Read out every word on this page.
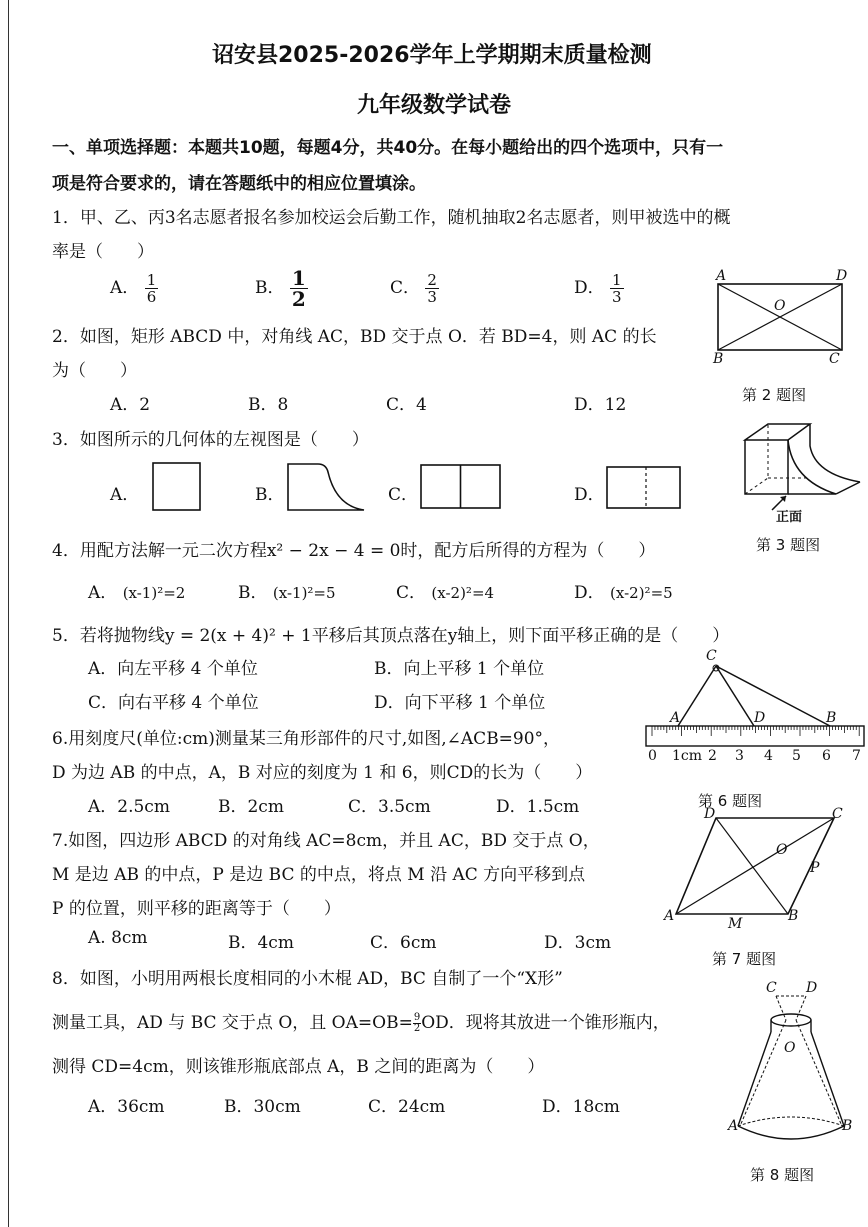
诏安县2025-2026学年上学期期末质量检测
九年级数学试卷
一、单项选择题：本题共10题，每题4分，共40分。在每小题给出的四个选项中，只有一
项是符合要求的，请在答题纸中的相应位置填涂。
1．甲、乙、丙3名志愿者报名参加校运会后勤工作，随机抽取2名志愿者，则甲被选中的概
率是（　　）
A． $\frac{1}{6}$	B． $\frac{1}{2}$	C． $\frac{2}{3}$	D． $\frac{1}{3}$	A	D
O
B	C
第 2 题图
2．如图，矩形 ABCD 中，对角线 AC，BD 交于点 O．若 BD=4，则 AC 的长
为（　　）
A．2	B．8	C．4	D．12
3．如图所示的几何体的左视图是（　　）
A．	B．	C．	D．
正面
第 3 题图
4．用配方法解一元二次方程x² − 2x − 4 = 0时，配方后所得的方程为（　　）
A． (x-1)²=2	B． (x-1)²=5	C． (x-2)²=4	D． (x-2)²=5
5．若将抛物线y = 2(x + 4)² + 1平移后其顶点落在y轴上，则下面平移正确的是（　　）
A．向左平移 4 个单位	B．向上平移 1 个单位
C．向右平移 4 个单位	D．向下平移 1 个单位
C
A	D	B
0 1cm 2 3 4 5 6 7
第 6 题图
6.用刻度尺(单位:cm)测量某三角形部件的尺寸,如图,∠ACB=90°，
D 为边 AB 的中点，A，B 对应的刻度为 1 和 6，则CD的长为（　　）
A．2.5cm	B．2cm	C．3.5cm	D．1.5cm	D	C
O
P
A	M	B
第 7 题图
7.如图，四边形 ABCD 的对角线 AC=8cm，并且 AC，BD 交于点 O，
M 是边 AB 的中点，P 是边 BC 的中点，将点 M 沿 AC 方向平移到点
P 的位置，则平移的距离等于（　　）
A. 8cm	B．4cm	C．6cm	D．3cm
8．如图，小明用两根长度相同的小木棍 AD，BC 自制了一个“X形”
测量工具，AD 与 BC 交于点 O，且 $OA=OB= \frac{9}{2}$ OD．现将其放进一个锥形瓶内，
测得 CD=4cm，则该锥形瓶底部点 A，B 之间的距离为（　　）
A．36cm	B．30cm	C．24cm	D．18cm
C D
O
A	B
第 8 题图
